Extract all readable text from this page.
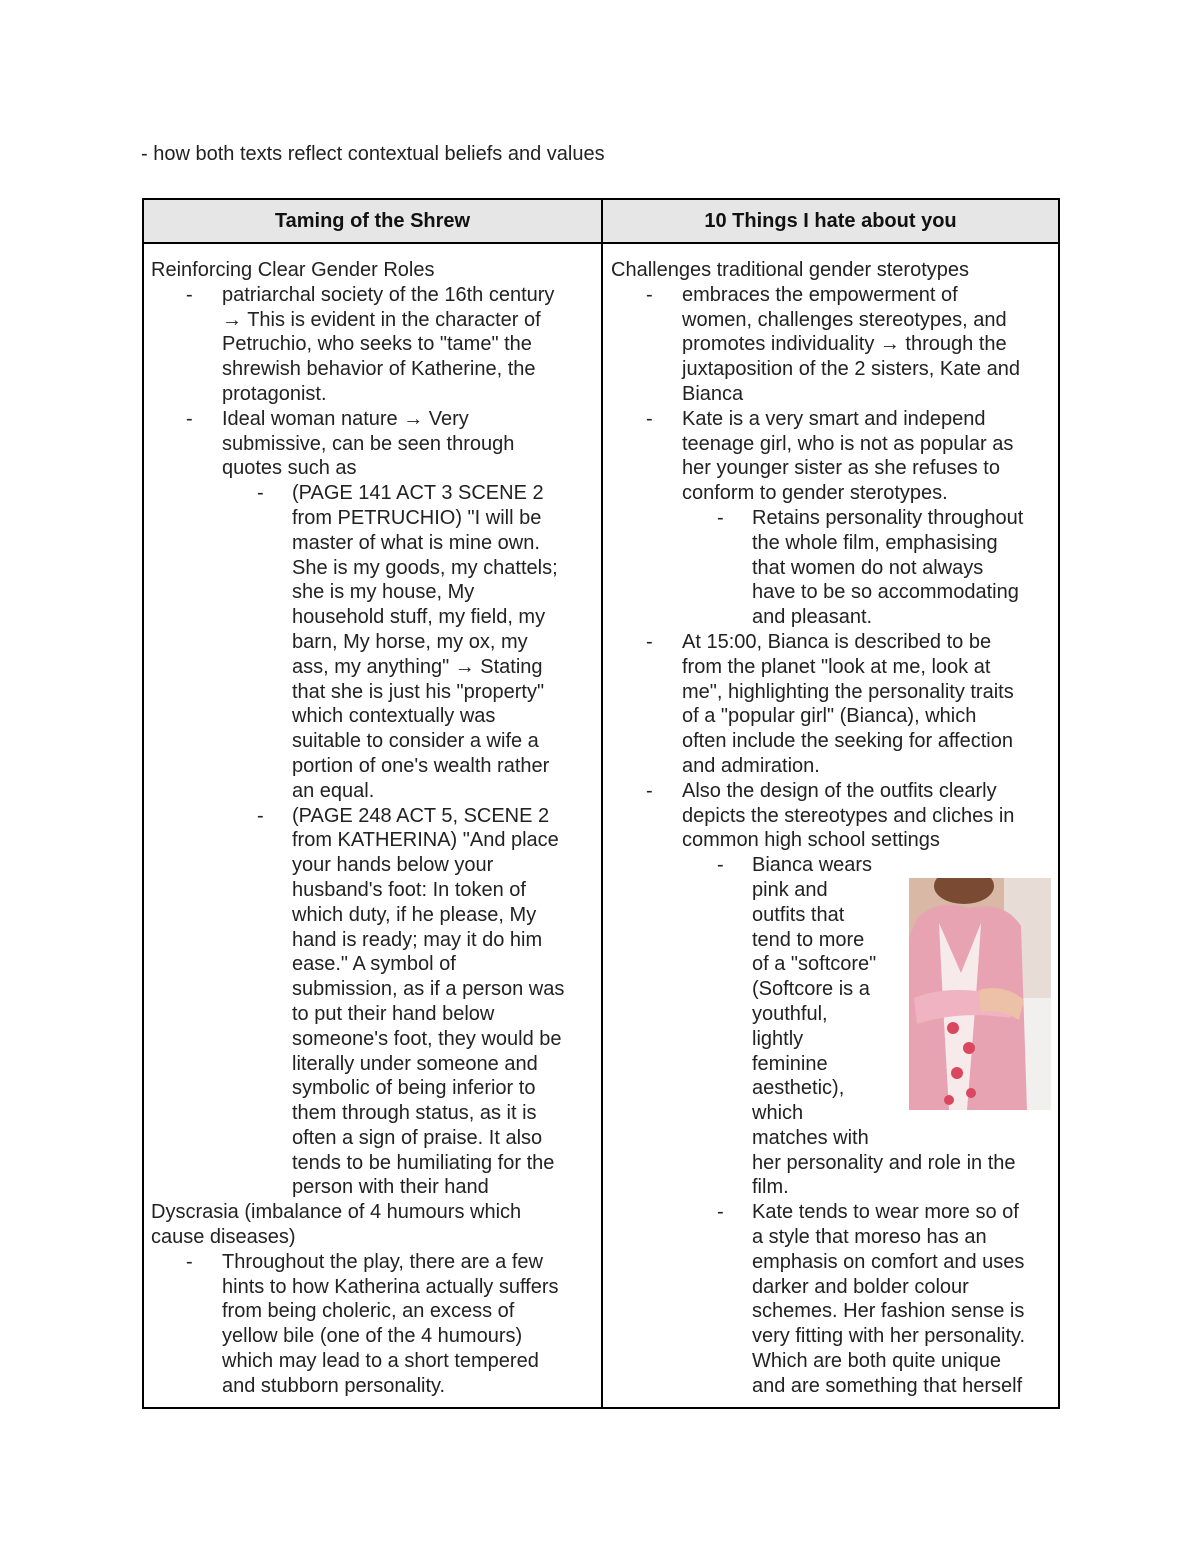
- how both texts reflect contextual beliefs and values
Taming of the Shrew	10 Things I hate about you
Reinforcing Clear Gender Roles
- patriarchal society of the 16th century
→ This is evident in the character of
Petruchio, who seeks to "tame" the
shrewish behavior of Katherine, the
protagonist.
- Ideal woman nature → Very
submissive, can be seen through
quotes such as
- (PAGE 141 ACT 3 SCENE 2
from PETRUCHIO) "I will be
master of what is mine own.
She is my goods, my chattels;
she is my house, My
household stuff, my field, my
barn, My horse, my ox, my
ass, my anything" → Stating
that she is just his "property"
which contextually was
suitable to consider a wife a
portion of one's wealth rather
an equal.
- (PAGE 248 ACT 5, SCENE 2
from KATHERINA) "And place
your hands below your
husband's foot: In token of
which duty, if he please, My
hand is ready; may it do him
ease." A symbol of
submission, as if a person was
to put their hand below
someone's foot, they would be
literally under someone and
symbolic of being inferior to
them through status, as it is
often a sign of praise. It also
tends to be humiliating for the
person with their hand
Dyscrasia (imbalance of 4 humours which
cause diseases)
- Throughout the play, there are a few
hints to how Katherina actually suffers
from being choleric, an excess of
yellow bile (one of the 4 humours)
which may lead to a short tempered
and stubborn personality.
Challenges traditional gender sterotypes
- embraces the empowerment of
women, challenges stereotypes, and
promotes individuality → through the
juxtaposition of the 2 sisters, Kate and
Bianca
- Kate is a very smart and independ
teenage girl, who is not as popular as
her younger sister as she refuses to
conform to gender sterotypes.
- Retains personality throughout
the whole film, emphasising
that women do not always
have to be so accommodating
and pleasant.
- At 15:00, Bianca is described to be
from the planet "look at me, look at
me", highlighting the personality traits
of a "popular girl" (Bianca), which
often include the seeking for affection
and admiration.
- Also the design of the outfits clearly
depicts the stereotypes and cliches in
common high school settings
- Bianca wears
pink and
outfits that
tend to more
of a "softcore"
(Softcore is a
youthful,
lightly
feminine
aesthetic),
which
matches with
her personality and role in the
film.
- Kate tends to wear more so of
a style that moreso has an
emphasis on comfort and uses
darker and bolder colour
schemes. Her fashion sense is
very fitting with her personality.
Which are both quite unique
and are something that herself
